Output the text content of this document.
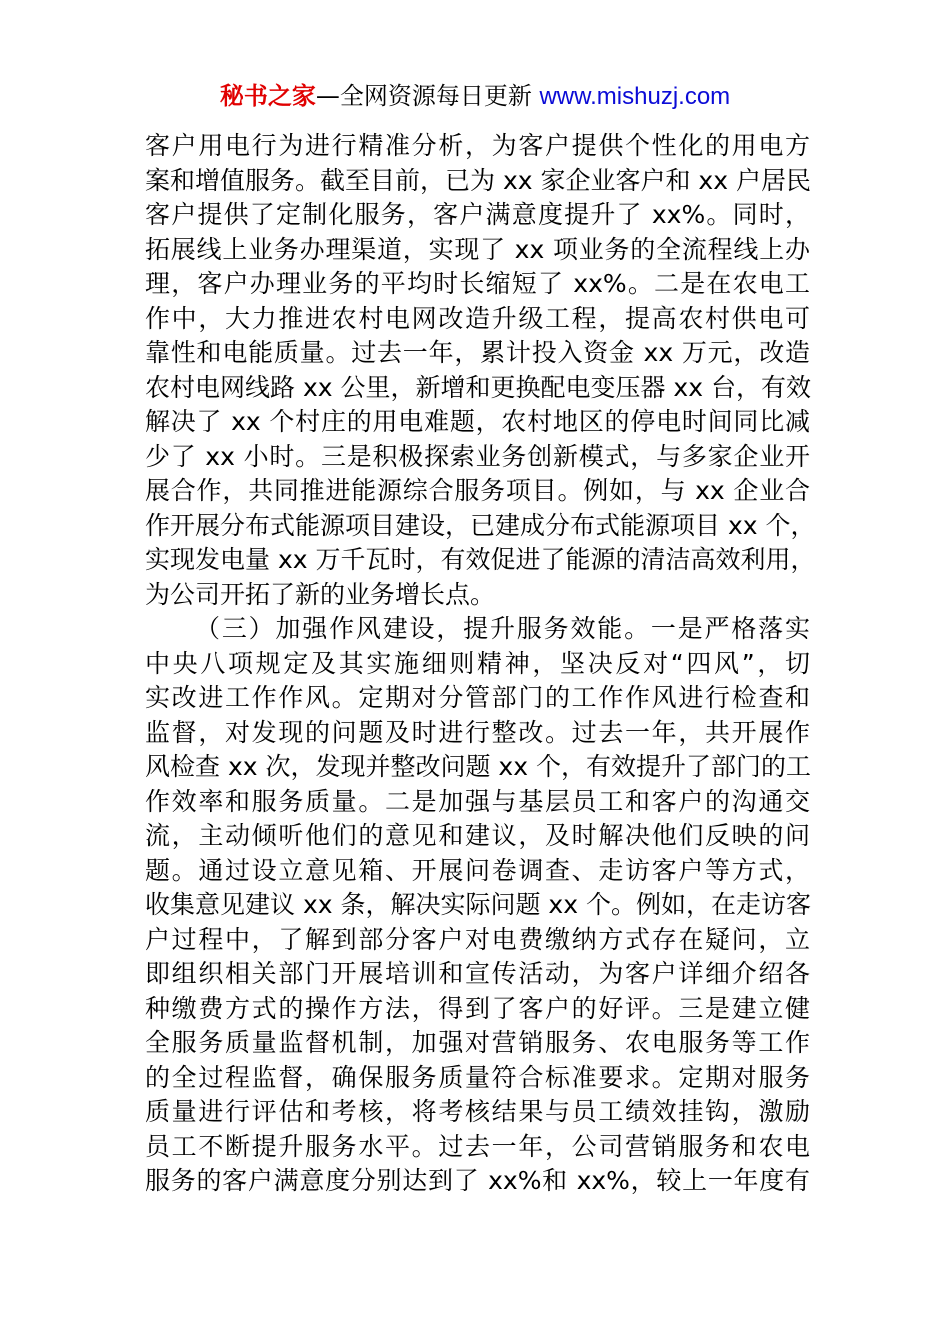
秘书之家—全网资源每日更新 www.mishuzj.com
客户用电行为进行精准分析，为客户提供个性化的用电方
案和增值服务。截至目前，已为 xx 家企业客户和 xx 户居民
客户提供了定制化服务，客户满意度提升了 xx%。同时，
拓展线上业务办理渠道，实现了 xx 项业务的全流程线上办
理，客户办理业务的平均时长缩短了 xx%。二是在农电工
作中，大力推进农村电网改造升级工程，提高农村供电可
靠性和电能质量。过去一年，累计投入资金 xx 万元，改造
农村电网线路 xx 公里，新增和更换配电变压器 xx 台，有效
解决了 xx 个村庄的用电难题，农村地区的停电时间同比减
少了 xx 小时。三是积极探索业务创新模式，与多家企业开
展合作，共同推进能源综合服务项目。例如，与 xx 企业合
作开展分布式能源项目建设，已建成分布式能源项目 xx 个，
实现发电量 xx 万千瓦时，有效促进了能源的清洁高效利用，
为公司开拓了新的业务增长点。
（三）加强作风建设，提升服务效能。一是严格落实
中央八项规定及其实施细则精神，坚决反对“四风”，切
实改进工作作风。定期对分管部门的工作作风进行检查和
监督，对发现的问题及时进行整改。过去一年，共开展作
风检查 xx 次，发现并整改问题 xx 个，有效提升了部门的工
作效率和服务质量。二是加强与基层员工和客户的沟通交
流，主动倾听他们的意见和建议，及时解决他们反映的问
题。通过设立意见箱、开展问卷调查、走访客户等方式，
收集意见建议 xx 条，解决实际问题 xx 个。例如，在走访客
户过程中，了解到部分客户对电费缴纳方式存在疑问，立
即组织相关部门开展培训和宣传活动，为客户详细介绍各
种缴费方式的操作方法，得到了客户的好评。三是建立健
全服务质量监督机制，加强对营销服务、农电服务等工作
的全过程监督，确保服务质量符合标准要求。定期对服务
质量进行评估和考核，将考核结果与员工绩效挂钩，激励
员工不断提升服务水平。过去一年，公司营销服务和农电
服务的客户满意度分别达到了 xx%和 xx%，较上一年度有
